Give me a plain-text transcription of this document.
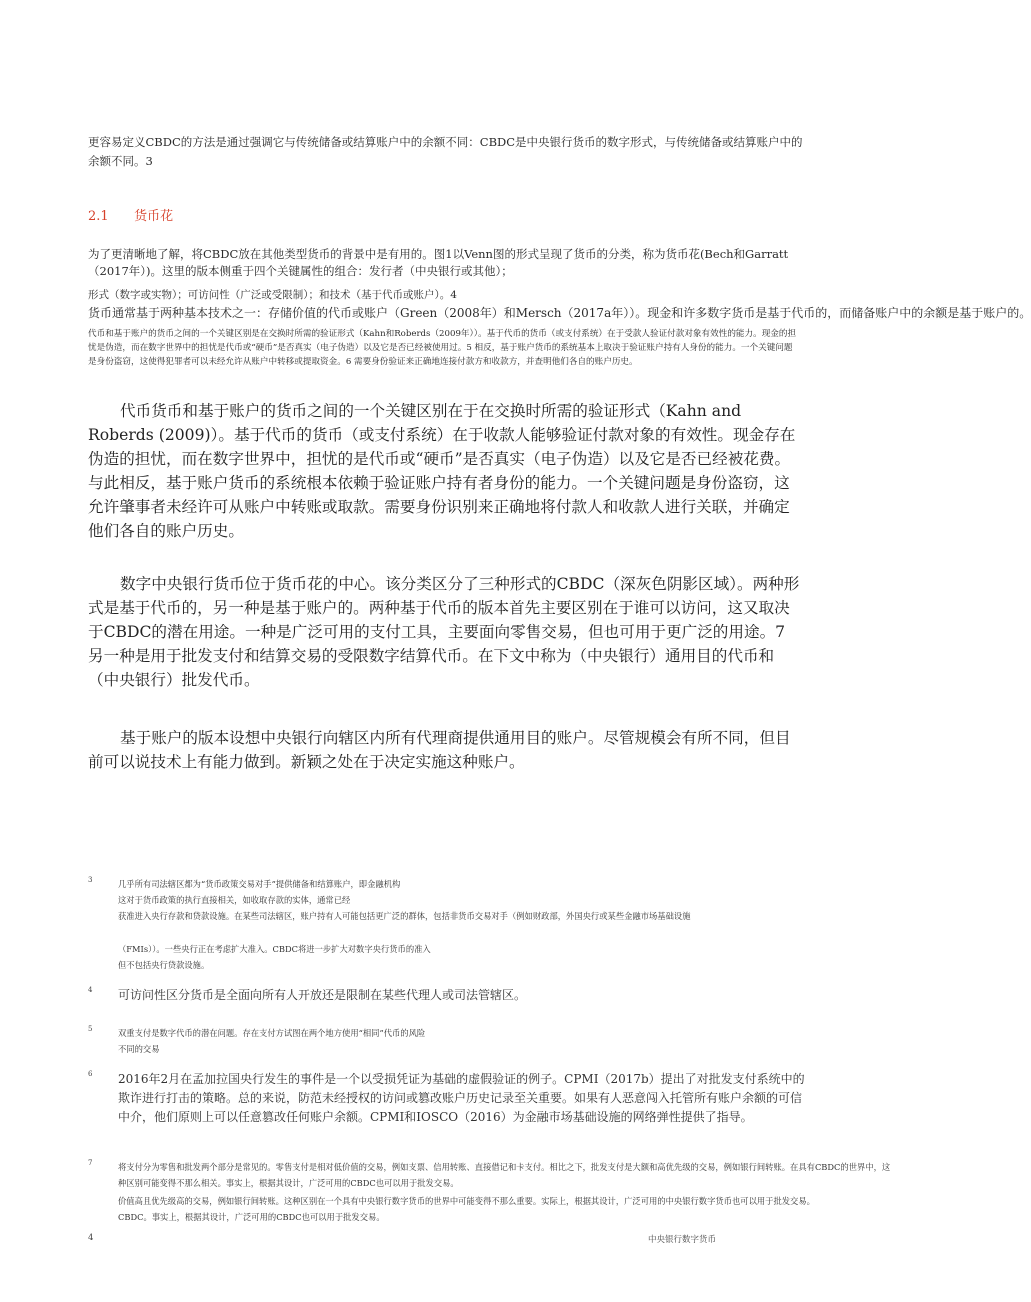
更容易定义CBDC的方法是通过强调它与传统储备或结算账户中的余额不同：CBDC是中央银行货币的数字形式，与传统储备或结算账户中的余额不同。3
2.1 货币花
为了更清晰地了解，将CBDC放在其他类型货币的背景中是有用的。图1以Venn图的形式呈现了货币的分类，称为货币花(Bech和Garratt（2017年）)。这里的版本侧重于四个关键属性的组合：发行者（中央银行或其他）；
形式（数字或实物）；可访问性（广泛或受限制）；和技术（基于代币或账户）。4
货币通常基于两种基本技术之一：存储价值的代币或账户（Green（2008年）和Mersch（2017a年））。现金和许多数字货币是基于代币的，而储备账户中的余额是基于账户的。
代币和基于账户的货币之间的一个关键区别是在交换时所需的验证形式（Kahn和Roberds（2009年））。基于代币的货币（或支付系统）在于受款人验证付款对象有效性的能力。现金的担忧是伪造，而在数字世界中的担忧是代币或“硬币”是否真实（电子伪造）以及它是否已经被使用过。5 相反，基于账户货币的系统基本上取决于验证账户持有人身份的能力。一个关键问题是身份盗窃，这使得犯罪者可以未经允许从账户中转移或提取资金。6 需要身份验证来正确地连接付款方和收款方，并查明他们各自的账户历史。
代币货币和基于账户的货币之间的一个关键区别在于在交换时所需的验证形式（Kahn and Roberds (2009)）。基于代币的货币（或支付系统）在于收款人能够验证付款对象的有效性。现金存在伪造的担忧，而在数字世界中，担忧的是代币或“硬币”是否真实（电子伪造）以及它是否已经被花费。与此相反，基于账户货币的系统根本依赖于验证账户持有者身份的能力。一个关键问题是身份盗窃，这允许肇事者未经许可从账户中转账或取款。需要身份识别来正确地将付款人和收款人进行关联，并确定他们各自的账户历史。
数字中央银行货币位于货币花的中心。该分类区分了三种形式的CBDC（深灰色阴影区域）。两种形式是基于代币的，另一种是基于账户的。两种基于代币的版本首先主要区别在于谁可以访问，这又取决于CBDC的潜在用途。一种是广泛可用的支付工具，主要面向零售交易，但也可用于更广泛的用途。7 另一种是用于批发支付和结算交易的受限数字结算代币。在下文中称为（中央银行）通用目的代币和（中央银行）批发代币。
基于账户的版本设想中央银行向辖区内所有代理商提供通用目的账户。尽管规模会有所不同，但目前可以说技术上有能力做到。新颖之处在于决定实施这种账户。
3	几乎所有司法辖区都为“货币政策交易对手”提供储备和结算账户，即金融机构
这对于货币政策的执行直接相关，如收取存款的实体，通常已经
获准进入央行存款和贷款设施。在某些司法辖区，账户持有人可能包括更广泛的群体，包括非货币交易对手（例如财政部，外国央行或某些金融市场基础设施
（FMIs））。一些央行正在考虑扩大准入。CBDC将进一步扩大对数字央行货币的准入
但不包括央行贷款设施。
4 可访问性区分货币是全面向所有人开放还是限制在某些代理人或司法管辖区。
5	双重支付是数字代币的潜在问题。存在支付方试图在两个地方使用“相同”代币的风险
不同的交易
6 2016年2月在孟加拉国央行发生的事件是一个以受损凭证为基础的虚假验证的例子。CPMI（2017b）提出了对批发支付系统中的欺诈进行打击的策略。总的来说，防范未经授权的访问或篡改账户历史记录至关重要。如果有人恶意闯入托管所有账户余额的可信中介，他们原则上可以任意篡改任何账户余额。CPMI和IOSCO（2016）为金融市场基础设施的网络弹性提供了指导。
7	将支付分为零售和批发两个部分是常见的。零售支付是相对低价值的交易，例如支票、信用转账、直接借记和卡支付。相比之下，批发支付是大额和高优先级的交易，例如银行间转账。在具有CBDC的世界中，这种区别可能变得不那么相关。事实上，根据其设计，广泛可用的CBDC也可以用于批发交易。
价值高且优先级高的交易，例如银行间转账。这种区别在一个具有中央银行数字货币的世界中可能变得不那么重要。实际上，根据其设计，广泛可用的中央银行数字货币也可以用于批发交易。
CBDC。事实上，根据其设计，广泛可用的CBDC也可以用于批发交易。
4	中央银行数字货币
